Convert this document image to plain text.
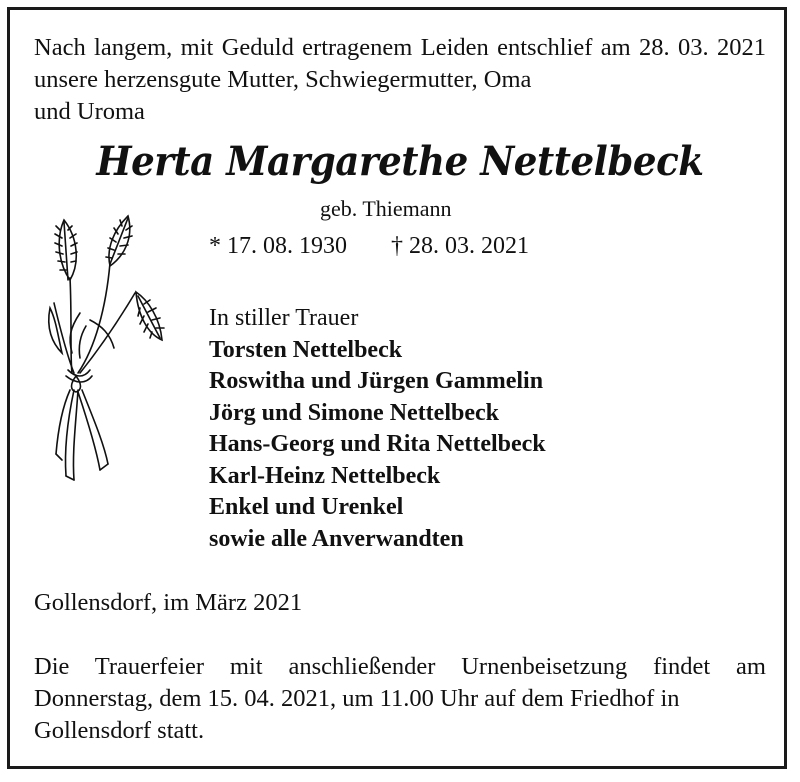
Nach langem, mit Geduld ertragenem Leiden entschlief am 28. 03. 2021 unsere herzensgute Mutter, Schwiegermutter, Oma
und Uroma
Herta Margarethe Nettelbeck
geb. Thiemann
* 17. 08. 1930 † 28. 03. 2021
In stiller Trauer
Torsten Nettelbeck
Roswitha und Jürgen Gammelin
Jörg und Simone Nettelbeck
Hans-Georg und Rita Nettelbeck
Karl-Heinz Nettelbeck
Enkel und Urenkel
sowie alle Anverwandten
Gollensdorf, im März 2021
Die Trauerfeier mit anschließender Urnenbeisetzung findet am Donnerstag, dem 15. 04. 2021, um 11.00 Uhr auf dem Friedhof in
Gollensdorf statt.
